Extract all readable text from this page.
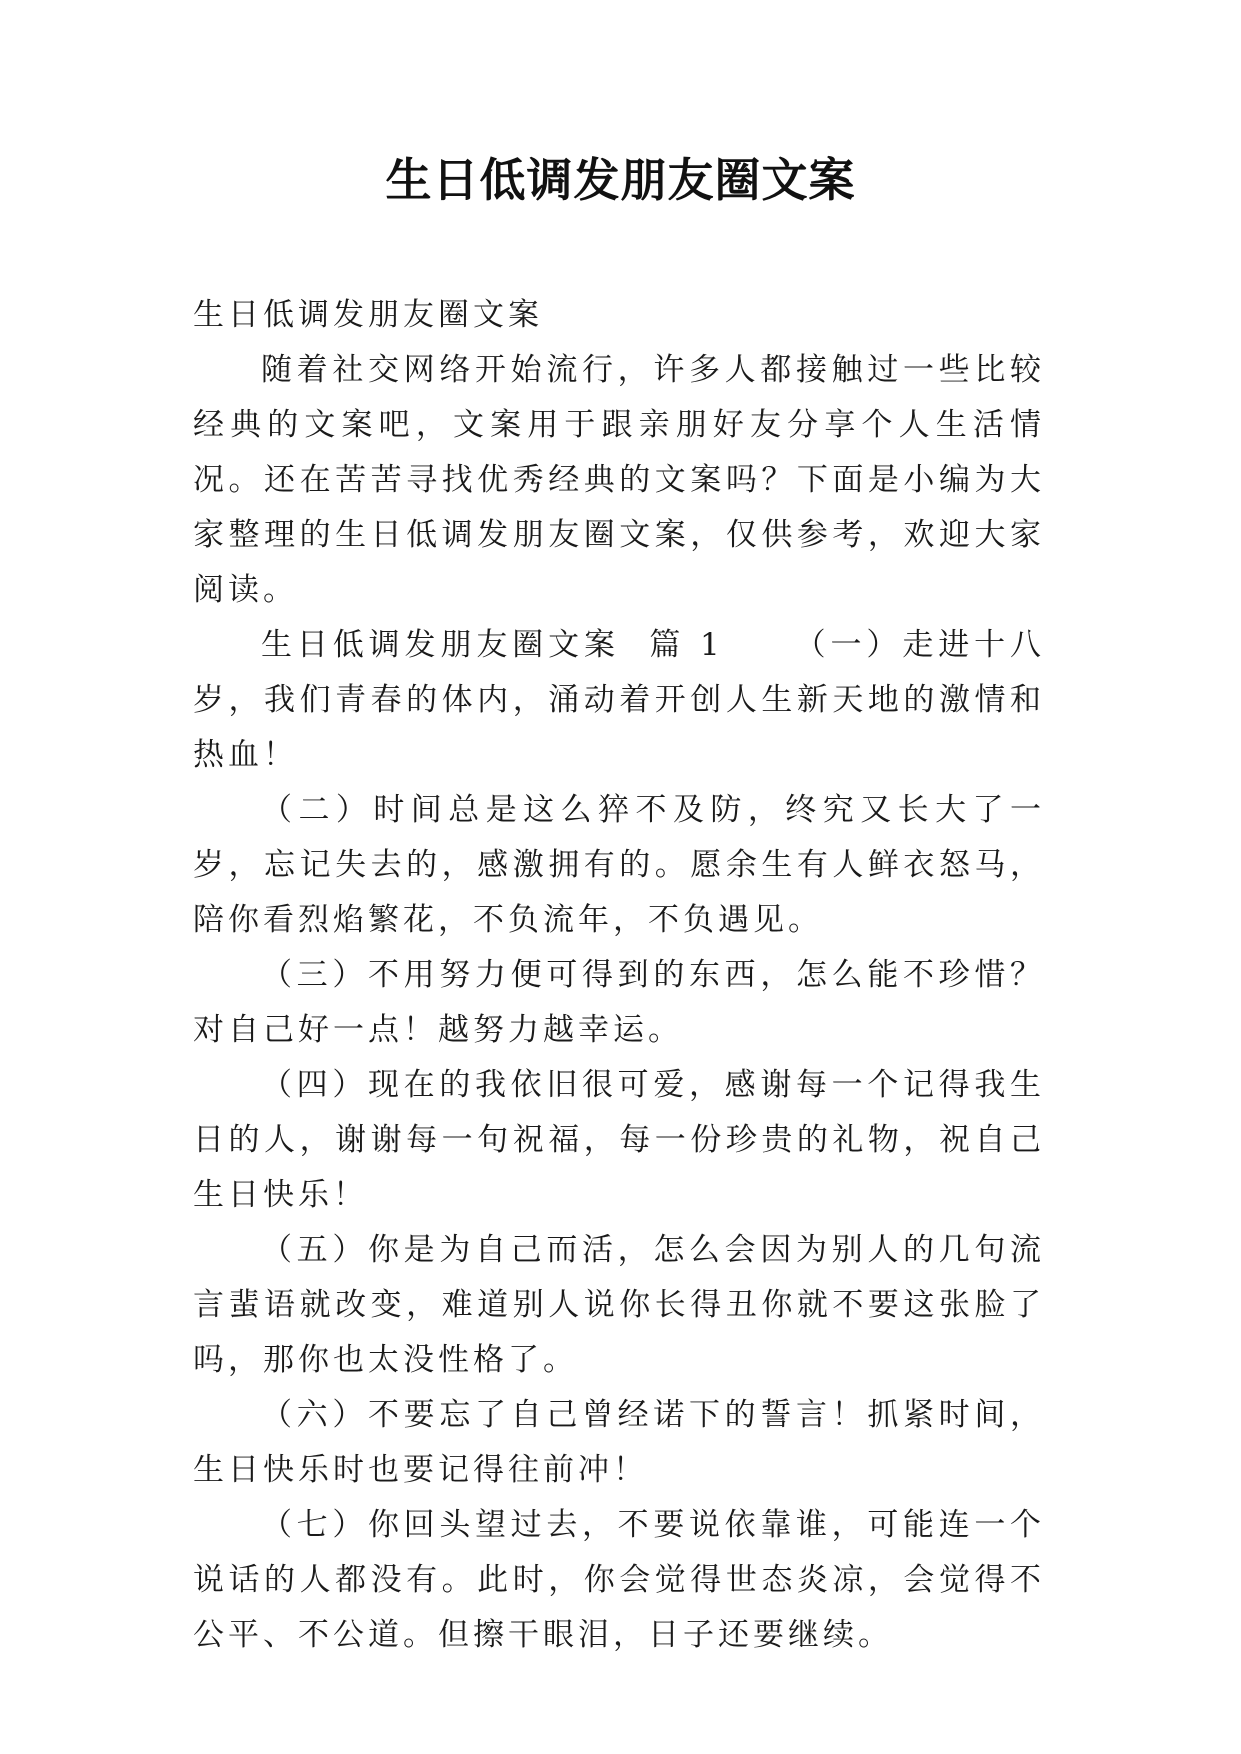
生日低调发朋友圈文案

生日低调发朋友圈文案

随着社交网络开始流行，许多人都接触过一些比较经典的文案吧，文案用于跟亲朋好友分享个人生活情况。还在苦苦寻找优秀经典的文案吗？下面是小编为大家整理的生日低调发朋友圈文案，仅供参考，欢迎大家阅读。

生日低调发朋友圈文案  篇 1 （一）走进十八岁，我们青春的体内，涌动着开创人生新天地的激情和热血！

（二）时间总是这么猝不及防，终究又长大了一岁，忘记失去的，感激拥有的。愿余生有人鲜衣怒马，陪你看烈焰繁花，不负流年，不负遇见。

（三）不用努力便可得到的东西，怎么能不珍惜？对自己好一点！越努力越幸运。

（四）现在的我依旧很可爱，感谢每一个记得我生日的人，谢谢每一句祝福，每一份珍贵的礼物，祝自己生日快乐！

（五）你是为自己而活，怎么会因为别人的几句流言蜚语就改变，难道别人说你长得丑你就不要这张脸了吗，那你也太没性格了。

（六）不要忘了自己曾经诺下的誓言！抓紧时间，生日快乐时也要记得往前冲！

（七）你回头望过去，不要说依靠谁，可能连一个说话的人都没有。此时，你会觉得世态炎凉，会觉得不公平、不公道。但擦干眼泪，日子还要继续。
